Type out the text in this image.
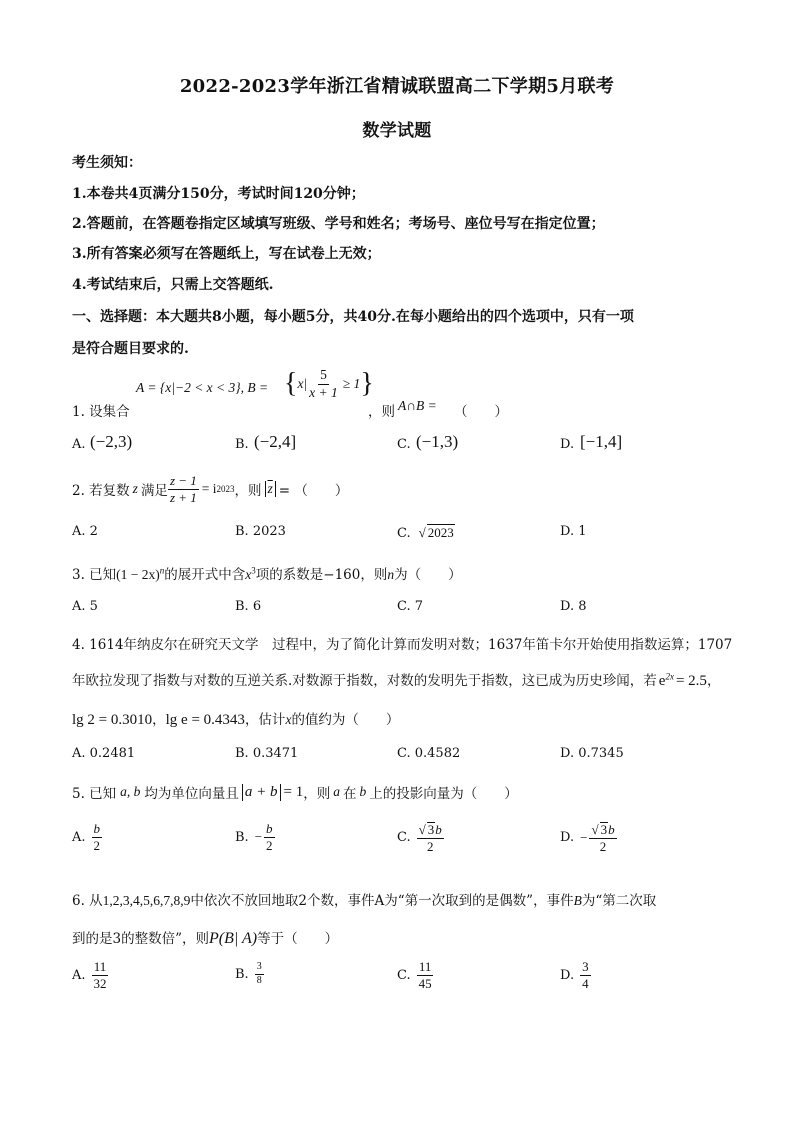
2022-2023学年浙江省精诚联盟高二下学期5月联考
数学试题
考生须知：
1.本卷共4页满分150分，考试时间120分钟；
2.答题前，在答题卷指定区域填写班级、学号和姓名；考场号、座位号写在指定位置；
3.所有答案必须写在答题纸上，写在试卷上无效；
4.考试结束后，只需上交答题纸.
一、选择题：本大题共8小题，每小题5分，共40分.在每小题给出的四个选项中，只有一项
是符合题目要求的.
1. 设集合
A = {x|−2 < x < 3}, B = { $x| \frac{5}{x + 1} \ge 1$ }
，则 A∩B = （　　）
A. (−2,3)	B. (−2,4]	C. (−1,3)	D. [−1,4]
2. 若复数 z 满足 $\frac{z - 1}{z + 1} = i$ 2023 ，则 $\overline{z}$ = （　　）
A. 2	B. 2023	C. √ 2023	D. 1
3. 已知$(1 - 2x)^n$的展开式中含$x^3$项的系数是−160，则n为（　　）
A. 5	B. 6	C. 7	D. 8
4. 1614年纳皮尔在研究天文学　过程中，为了简化计算而发明对数；1637年笛卡尔开始使用指数运算；1707
年欧拉发现了指数与对数的互逆关系.对数源于指数，对数的发明先于指数，这已成为历史珍闻，若 $e^{2x} = 2.5$，
lg 2 = 0.3010，lg e = 0.4343，估计x的值约为（　　）
A. 0.2481	B. 0.3471	C. 0.4582	D. 0.7345
5. 已知 a, b 均为单位向量且 a + b = 1 ，则 a 在 b 上的投影向量为（　　）
A. $\frac{b}{2}$	B. − $\frac{b}{2}$	C. $\frac{√ 3b}{2}$	D. − $\frac{√ 3b}{2}$
6. 从1,2,3,4,5,6,7,8,9中依次不放回地取2个数，事件A为“第一次取到的是偶数”，事件B为“第二次取
到的是3的整数倍”，则P(B| A)等于（　　）
A. $\frac{11}{32}$	B. $\frac{3}{8}$	C. $\frac{11}{45}$	D. $\frac{3}{4}$
